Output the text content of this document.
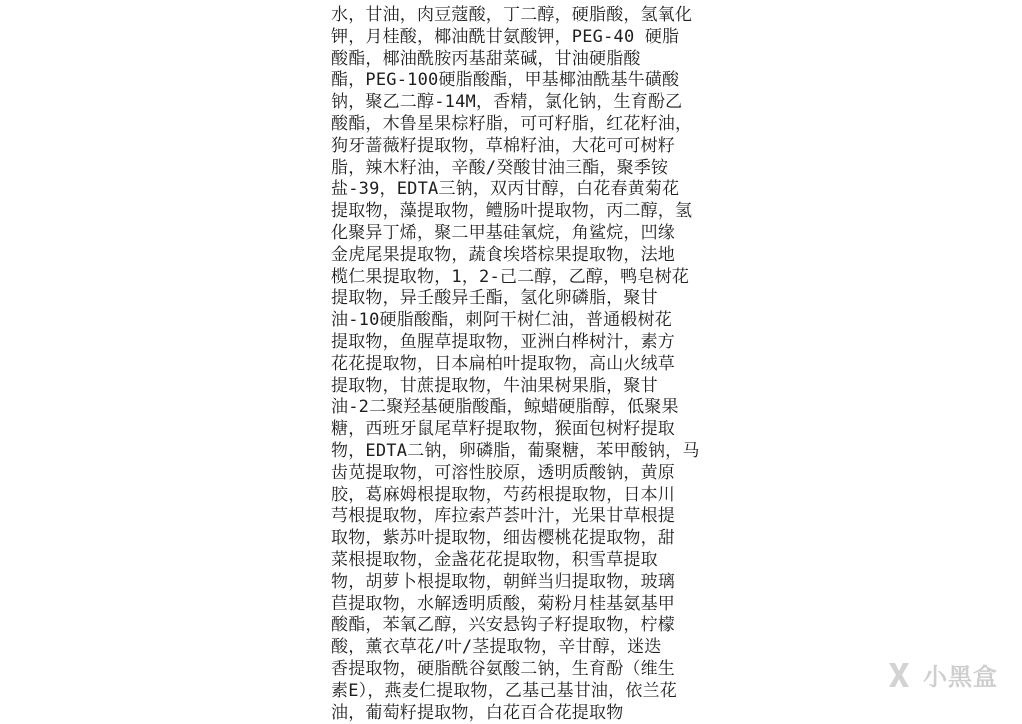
水，甘油，肉豆蔻酸，丁二醇，硬脂酸，氢氧化
钾，月桂酸，椰油酰甘氨酸钾，PEG-40 硬脂
酸酯，椰油酰胺丙基甜菜碱，甘油硬脂酸
酯，PEG-100硬脂酸酯，甲基椰油酰基牛磺酸
钠，聚乙二醇-14M，香精，氯化钠，生育酚乙
酸酯，木鲁星果棕籽脂，可可籽脂，红花籽油，
狗牙蔷薇籽提取物，草棉籽油，大花可可树籽
脂，辣木籽油，辛酸/癸酸甘油三酯，聚季铵
盐-39，EDTA三钠，双丙甘醇，白花春黄菊花
提取物，藻提取物，鳢肠叶提取物，丙二醇，氢
化聚异丁烯，聚二甲基硅氧烷，角鲨烷，凹缘
金虎尾果提取物，蔬食埃塔棕果提取物，法地
榄仁果提取物，1，2-己二醇，乙醇，鸭皂树花
提取物，异壬酸异壬酯，氢化卵磷脂，聚甘
油-10硬脂酸酯，刺阿干树仁油，普通椴树花
提取物，鱼腥草提取物，亚洲白桦树汁，素方
花花提取物，日本扁柏叶提取物，高山火绒草
提取物，甘蔗提取物，牛油果树果脂，聚甘
油-2二聚羟基硬脂酸酯，鲸蜡硬脂醇，低聚果
糖，西班牙鼠尾草籽提取物，猴面包树籽提取
物，EDTA二钠，卵磷脂，葡聚糖，苯甲酸钠，马
齿苋提取物，可溶性胶原，透明质酸钠，黄原
胶，葛麻姆根提取物，芍药根提取物，日本川
芎根提取物，库拉索芦荟叶汁，光果甘草根提
取物，紫苏叶提取物，细齿樱桃花提取物，甜
菜根提取物，金盏花花提取物，积雪草提取
物，胡萝卜根提取物，朝鲜当归提取物，玻璃
苣提取物，水解透明质酸，菊粉月桂基氨基甲
酸酯，苯氧乙醇，兴安悬钩子籽提取物，柠檬
酸，薰衣草花/叶/茎提取物，辛甘醇，迷迭
香提取物，硬脂酰谷氨酸二钠，生育酚（维生
素E），燕麦仁提取物，乙基己基甘油，依兰花
油，葡萄籽提取物，白花百合花提取物
小黑盒
